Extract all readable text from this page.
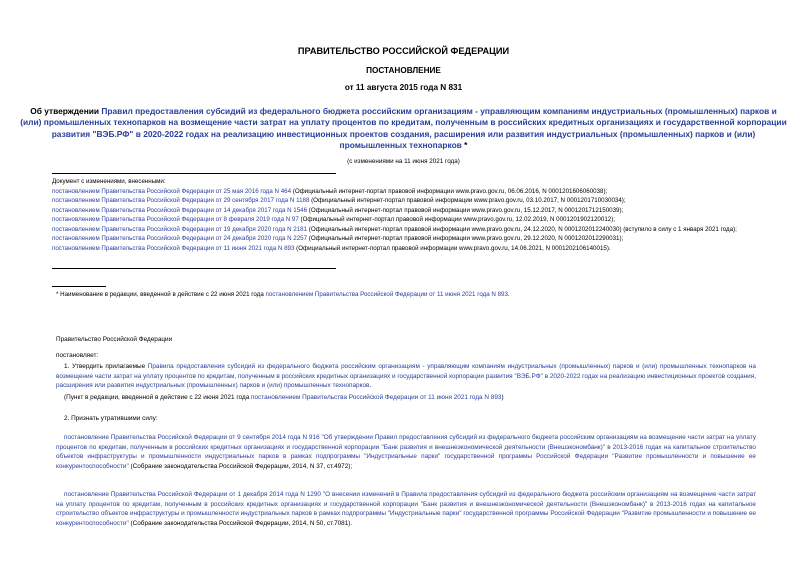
ПРАВИТЕЛЬСТВО РОССИЙСКОЙ ФЕДЕРАЦИИ
ПОСТАНОВЛЕНИЕ
от 11 августа 2015 года N 831
Об утверждении Правил предоставления субсидий из федерального бюджета российским организациям - управляющим компаниям индустриальных (промышленных) парков и (или) промышленных технопарков на возмещение части затрат на уплату процентов по кредитам, полученным в российских кредитных организациях и государственной корпорации развития "ВЭБ.РФ" в 2020-2022 годах на реализацию инвестиционных проектов создания, расширения или развития индустриальных (промышленных) парков и (или) промышленных технопарков *
(с изменениями на 11 июня 2021 года)
Документ с изменениями, внесенными:
постановлением Правительства Российской Федерации от 25 мая 2016 года N 464 (Официальный интернет-портал правовой информации www.pravo.gov.ru, 06.06.2016, N 0001201606060038);
постановлением Правительства Российской Федерации от 29 сентября 2017 года N 1188 (Официальный интернет-портал правовой информации www.pravo.gov.ru, 03.10.2017, N 0001201710030034);
постановлением Правительства Российской Федерации от 14 декабря 2017 года N 1546 (Официальный интернет-портал правовой информации www.pravo.gov.ru, 15.12.2017, N 0001201712150039);
постановлением Правительства Российской Федерации от 8 февраля 2019 года N 97 (Официальный интернет-портал правовой информации www.pravo.gov.ru, 12.02.2019, N 0001201902120012);
постановлением Правительства Российской Федерации от 19 декабря 2020 года N 2181 (Официальный интернет-портал правовой информации www.pravo.gov.ru, 24.12.2020, N 0001202012240030) (вступило в силу с 1 января 2021 года);
постановлением Правительства Российской Федерации от 24 декабря 2020 года N 2257 (Официальный интернет-портал правовой информации www.pravo.gov.ru, 29.12.2020, N 0001202012290031);
постановлением Правительства Российской Федерации от 11 июня 2021 года N 893 (Официальный интернет-портал правовой информации www.pravo.gov.ru, 14.06.2021, N 0001202106140015).
* Наименование в редакции, введенной в действие с 22 июня 2021 года постановлением Правительства Российской Федерации от 11 июня 2021 года N 893.
Правительство Российской Федерации
постановляет:
1. Утвердить прилагаемые Правила предоставления субсидий из федерального бюджета российским организациям - управляющим компаниям индустриальных (промышленных) парков и (или) промышленных технопарков на возмещение части затрат на уплату процентов по кредитам, полученным в российских кредитных организациях и государственной корпорации развития "ВЭБ.РФ" в 2020-2022 годах на реализацию инвестиционных проектов создания, расширения или развития индустриальных (промышленных) парков и (или) промышленных технопарков.
(Пункт в редакции, введенной в действие с 22 июня 2021 года постановлением Правительства Российской Федерации от 11 июня 2021 года N 893)
2. Признать утратившими силу:
постановление Правительства Российской Федерации от 9 сентября 2014 года N 916 "Об утверждении Правил предоставления субсидий из федерального бюджета российским организациям на возмещение части затрат на уплату процентов по кредитам, полученным в российских кредитных организациях и государственной корпорации "Банк развития и внешнеэкономической деятельности (Внешэкономбанк)" в 2013-2016 годах на капитальное строительство объектов инфраструктуры и промышленности индустриальных парков в рамках подпрограммы "Индустриальные парки" государственной программы Российской Федерации "Развитие промышленности и повышение ее конкурентоспособности" (Собрание законодательства Российской Федерации, 2014, N 37, ст.4972);
постановление Правительства Российской Федерации от 1 декабря 2014 года N 1290 "О внесении изменений в Правила предоставления субсидий из федерального бюджета российским организациям на возмещение части затрат на уплату процентов по кредитам, полученным в российских кредитных организациях и государственной корпорации "Банк развития и внешнеэкономической деятельности (Внешэкономбанк)" в 2013-2016 годах на капитальное строительство объектов инфраструктуры и промышленности индустриальных парков в рамках подпрограммы "Индустриальные парки" государственной программы Российской Федерации "Развитие промышленности и повышение ее конкурентоспособности" (Собрание законодательства Российской Федерации, 2014, N 50, ст.7081).
